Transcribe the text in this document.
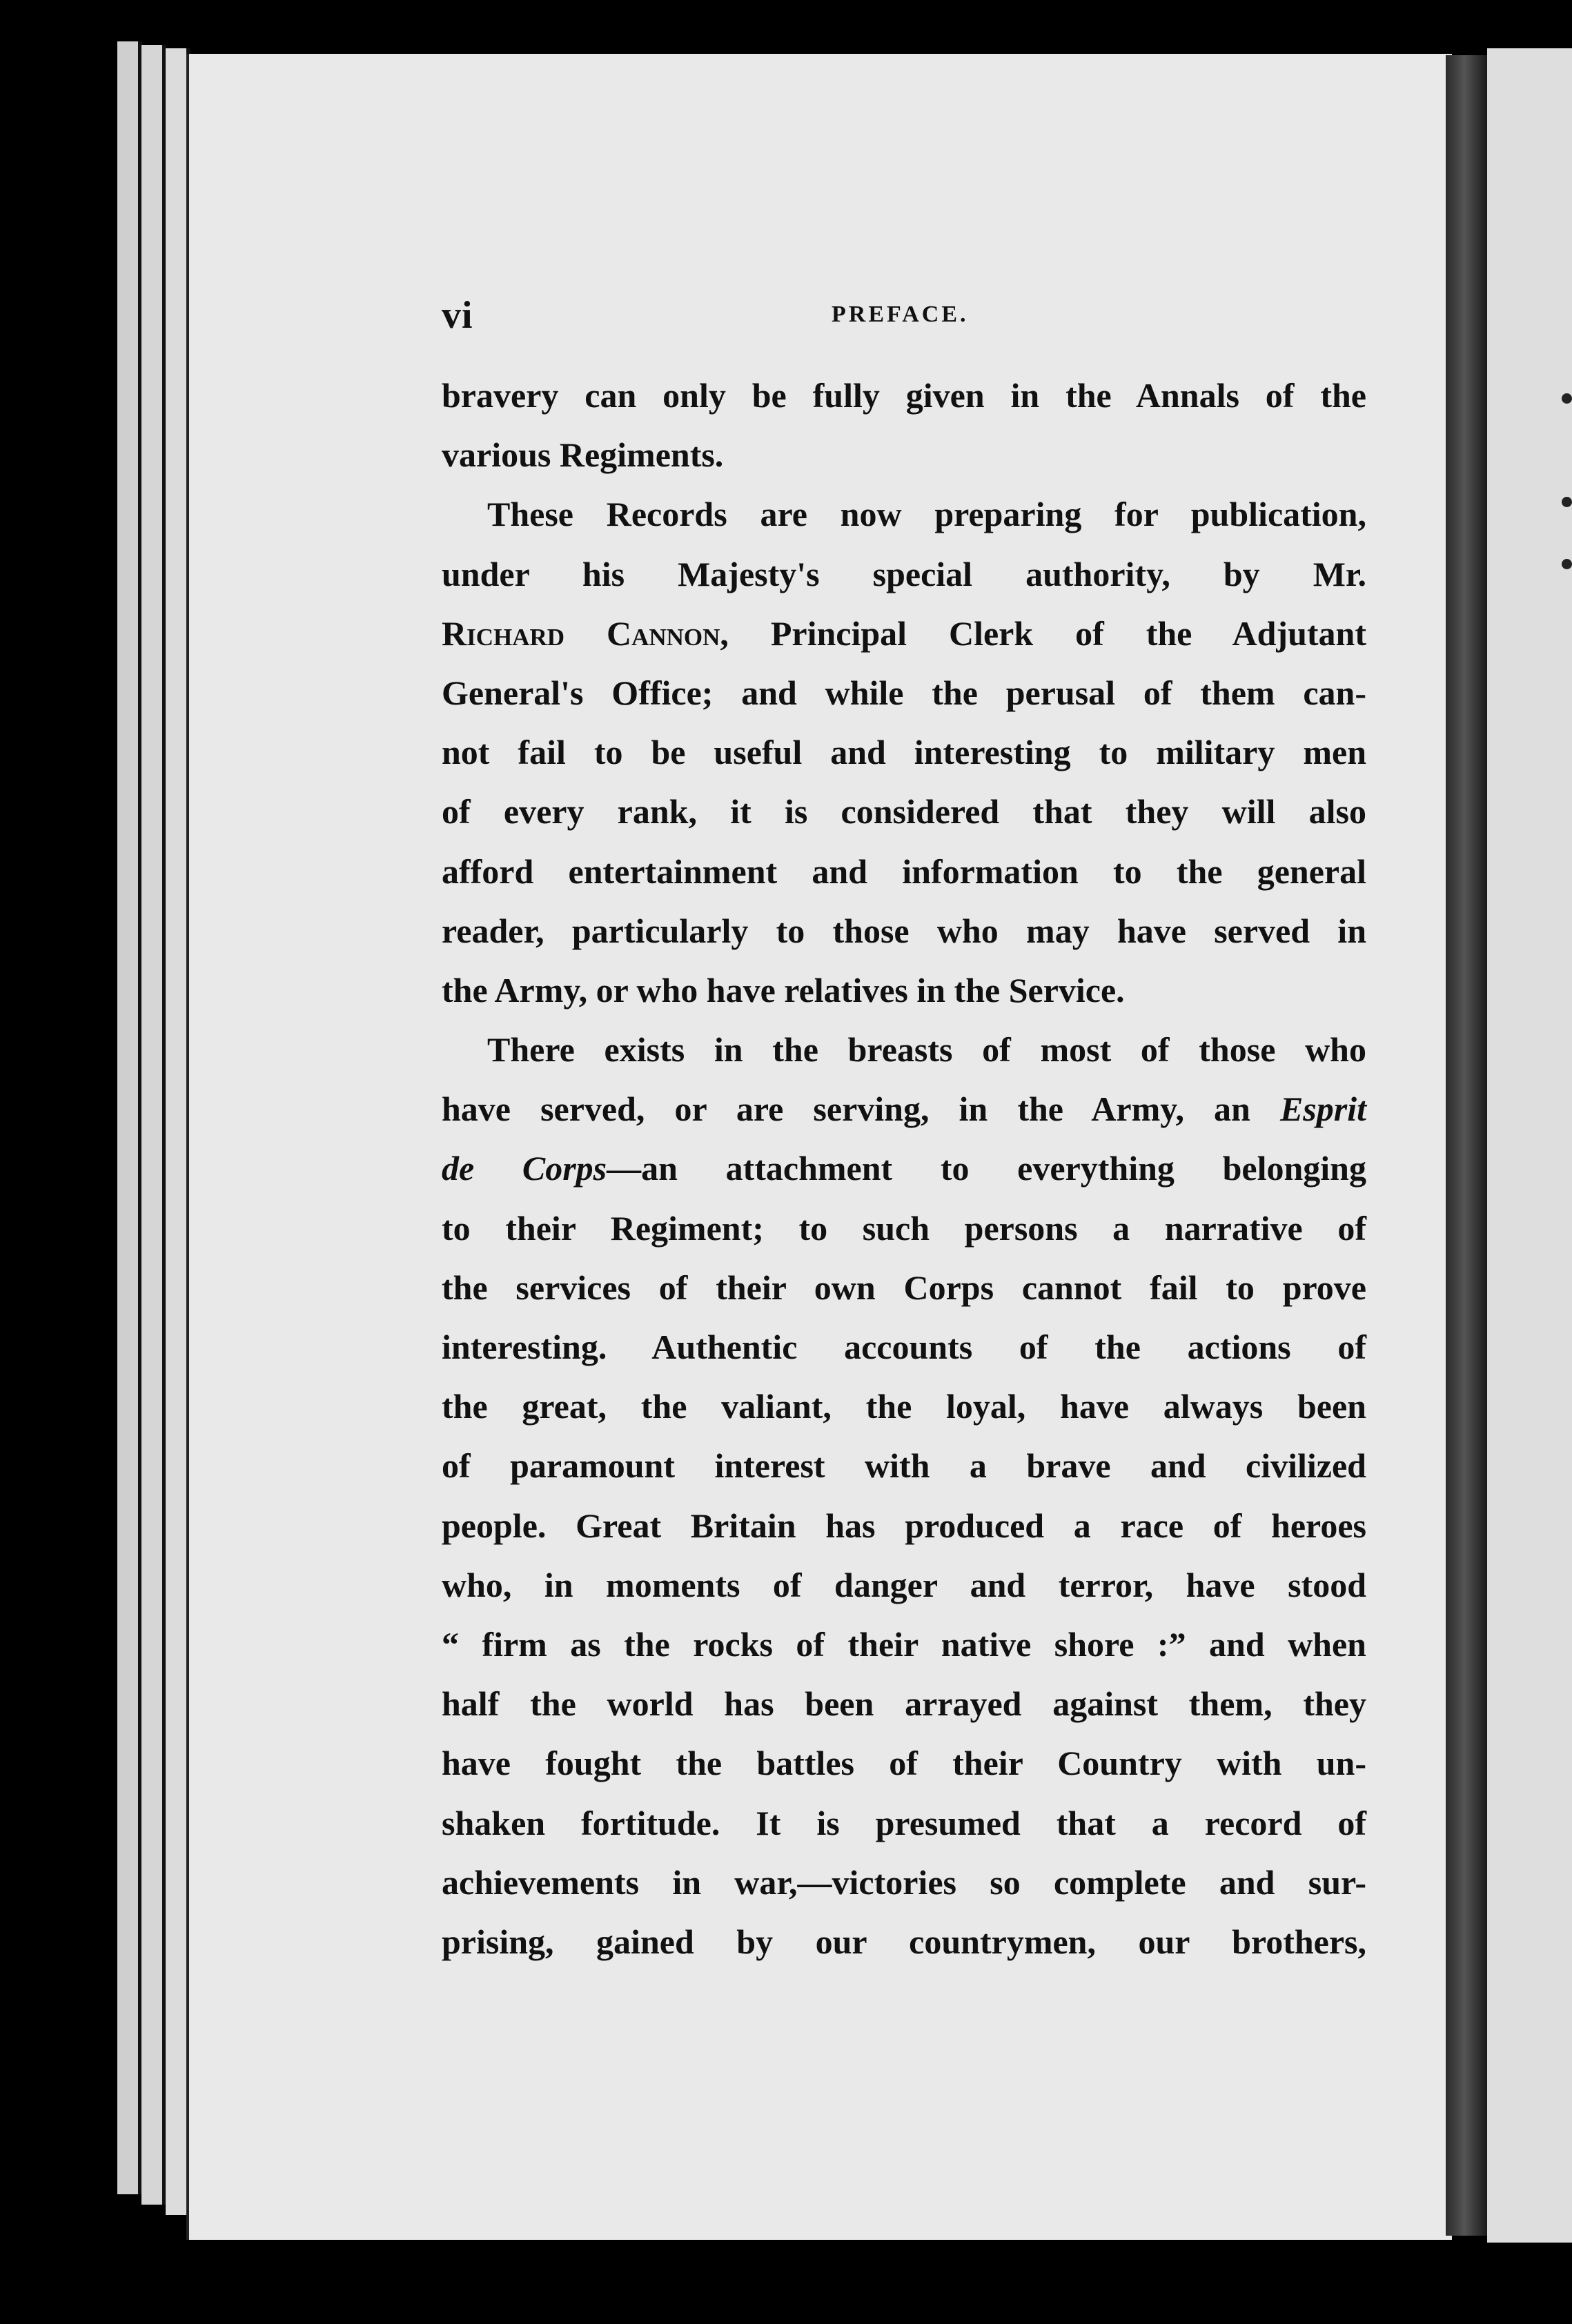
vi	PREFACE.
bravery can only be fully given in the Annals of the
various Regiments.
These Records are now preparing for publication,
under his Majesty's special authority, by Mr.
Richard Cannon, Principal Clerk of the Adjutant
General's Office; and while the perusal of them can-
not fail to be useful and interesting to military men
of every rank, it is considered that they will also
afford entertainment and information to the general
reader, particularly to those who may have served in
the Army, or who have relatives in the Service.
There exists in the breasts of most of those who
have served, or are serving, in the Army, an Esprit
de Corps—an attachment to everything belonging
to their Regiment; to such persons a narrative of
the services of their own Corps cannot fail to prove
interesting. Authentic accounts of the actions of
the great, the valiant, the loyal, have always been
of paramount interest with a brave and civilized
people. Great Britain has produced a race of heroes
who, in moments of danger and terror, have stood
“ firm as the rocks of their native shore :” and when
half the world has been arrayed against them, they
have fought the battles of their Country with un-
shaken fortitude. It is presumed that a record of
achievements in war,—victories so complete and sur-
prising, gained by our countrymen, our brothers,
